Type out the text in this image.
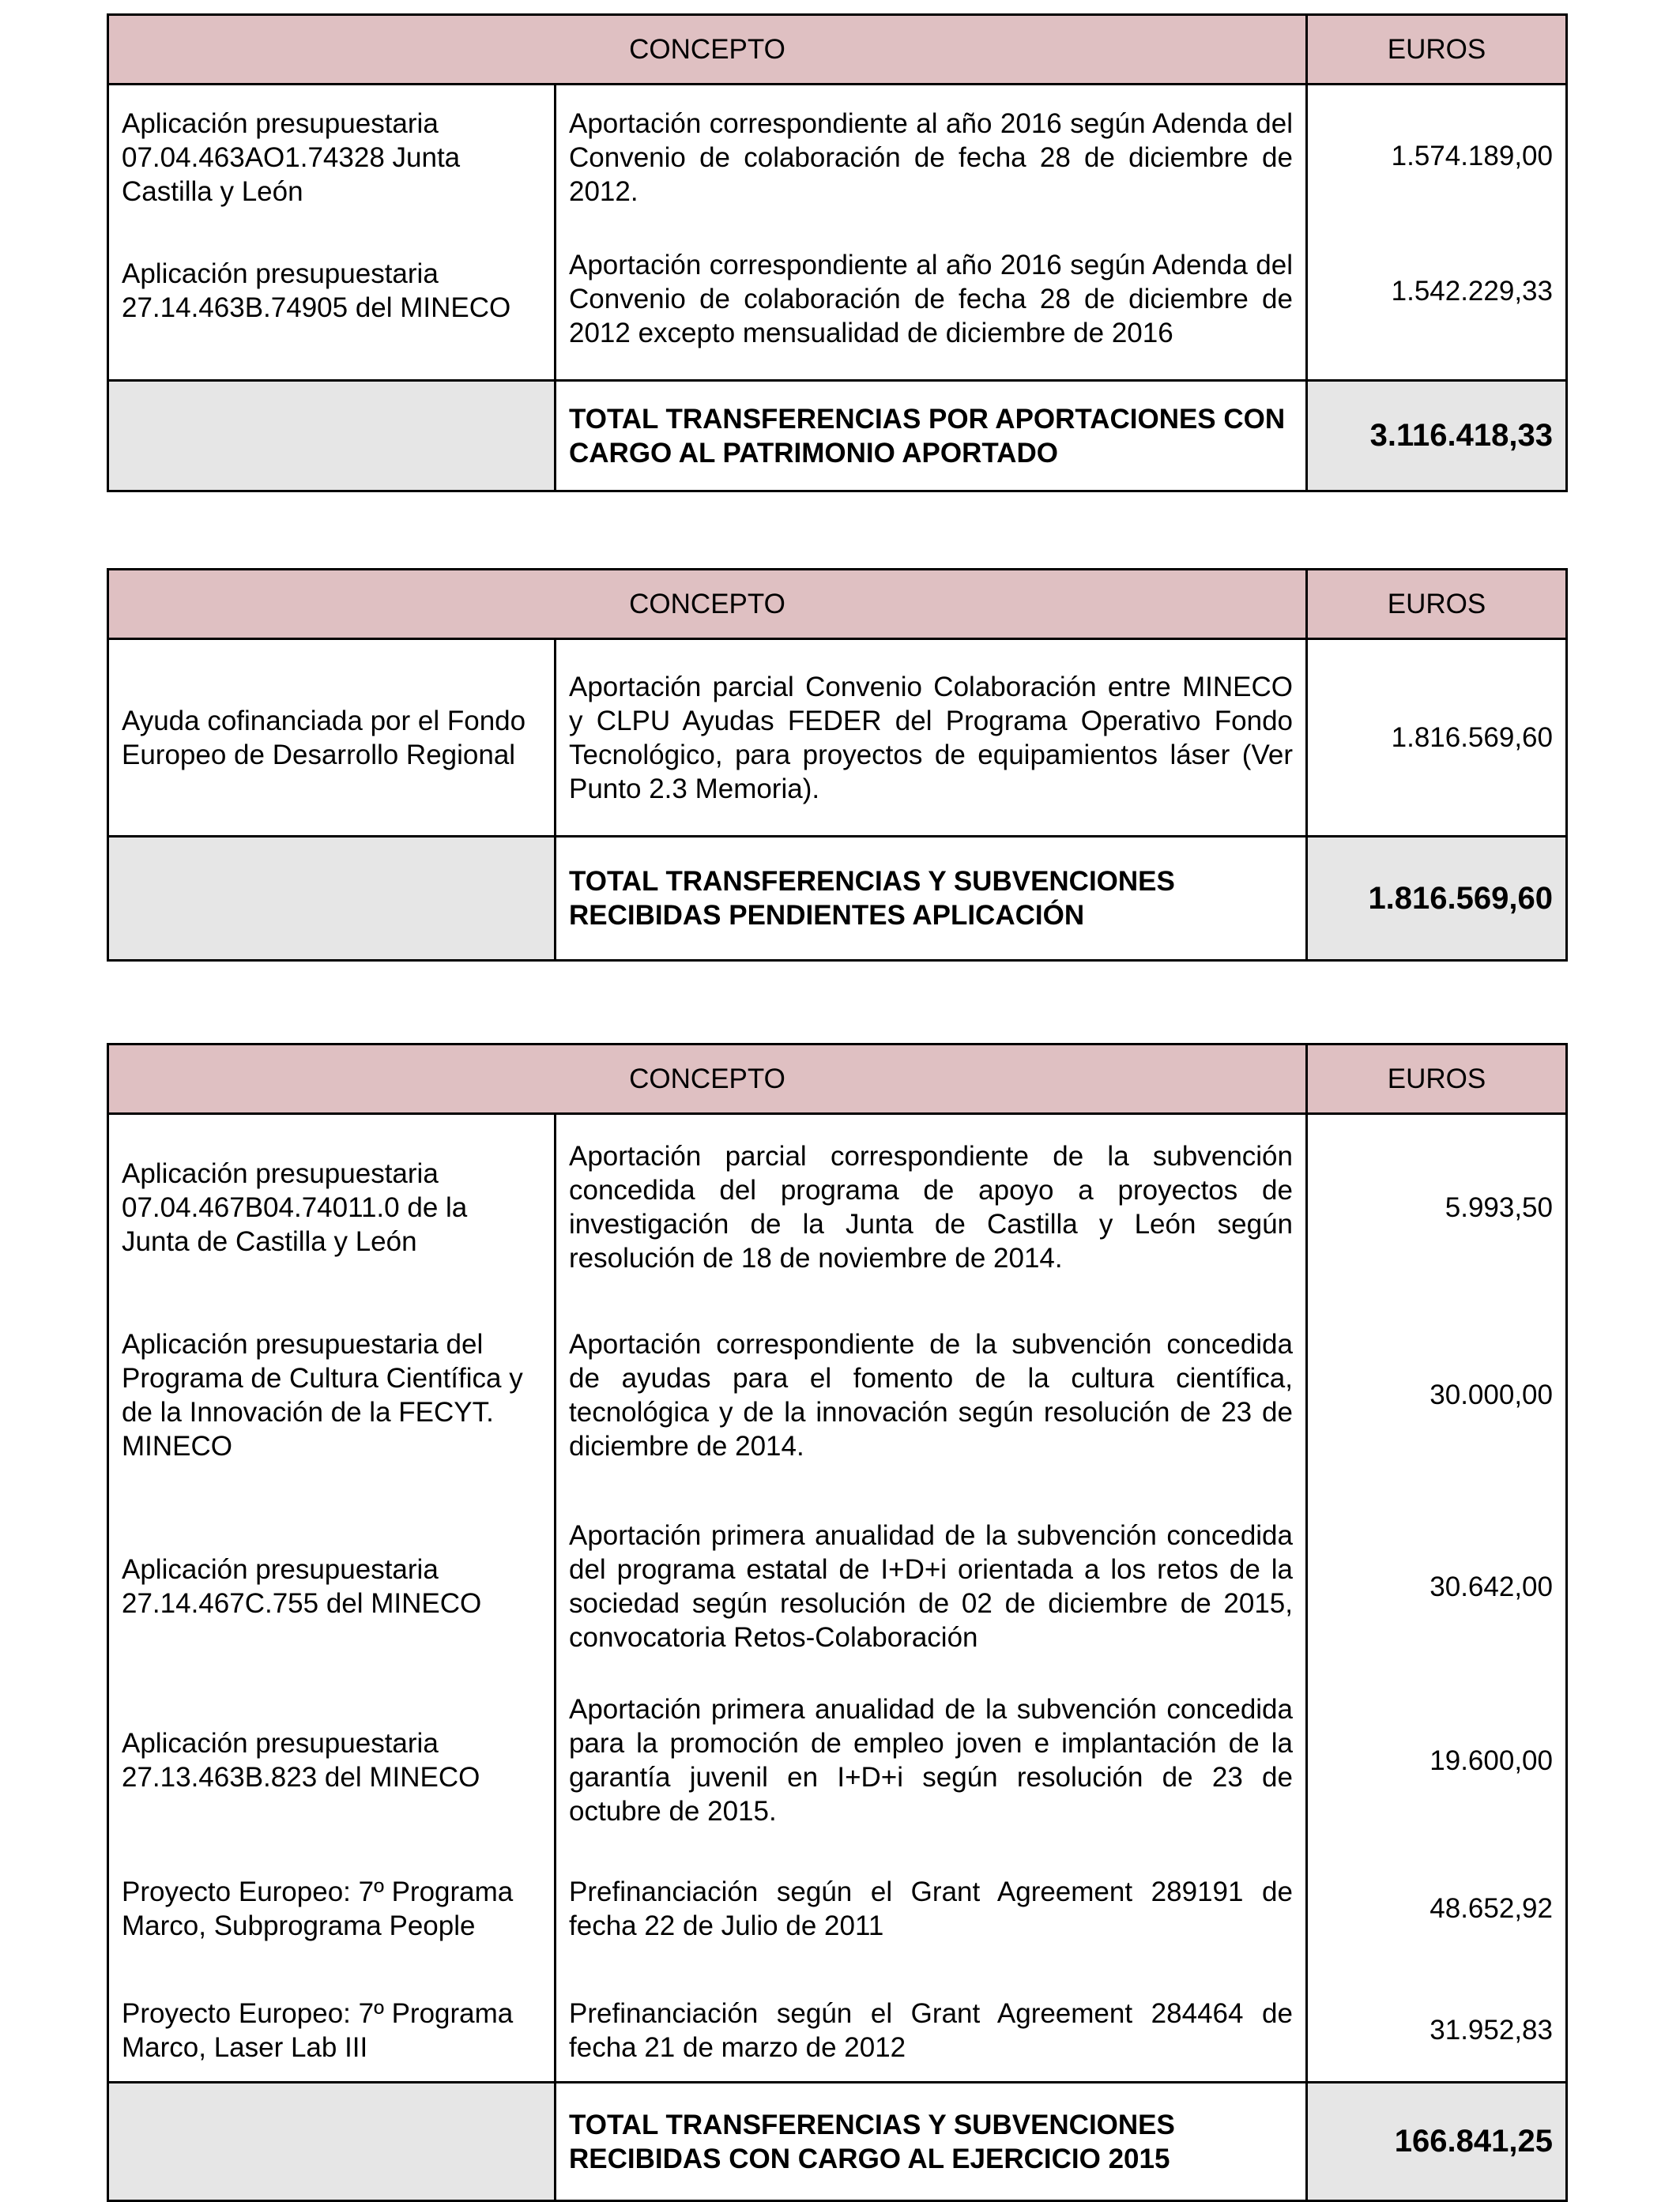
CONCEPTO		EUROS
Aplicación presupuestaria 07.04.463AO1.74328 Junta Castilla y León	Aportación correspondiente al año 2016 según Adenda del Convenio de colaboración de fecha 28 de diciembre de 2012.	1.574.189,00
Aplicación presupuestaria 27.14.463B.74905 del MINECO	Aportación correspondiente al año 2016 según Adenda del Convenio de colaboración de fecha 28 de diciembre de 2012 excepto mensualidad de diciembre de 2016	1.542.229,33
	TOTAL TRANSFERENCIAS POR APORTACIONES CON CARGO AL PATRIMONIO APORTADO	3.116.418,33
CONCEPTO		EUROS
Ayuda cofinanciada por el Fondo Europeo de Desarrollo Regional	Aportación parcial Convenio Colaboración entre MINECO y CLPU Ayudas FEDER del Programa Operativo Fondo Tecnológico, para proyectos de equipamientos láser (Ver Punto 2.3 Memoria).	1.816.569,60
	TOTAL TRANSFERENCIAS Y SUBVENCIONES RECIBIDAS PENDIENTES APLICACIÓN	1.816.569,60
CONCEPTO		EUROS
Aplicación presupuestaria 07.04.467B04.74011.0 de la Junta de Castilla y León	Aportación parcial correspondiente de la subvención concedida del programa de apoyo a proyectos de investigación de la Junta de Castilla y León según resolución de 18 de noviembre de 2014.	5.993,50
Aplicación presupuestaria del Programa de Cultura Científica y de la Innovación de la FECYT. MINECO	Aportación correspondiente de la subvención concedida de ayudas para el fomento de la cultura científica, tecnológica y de la innovación según resolución de 23 de diciembre de 2014.	30.000,00
Aplicación presupuestaria 27.14.467C.755 del MINECO	Aportación primera anualidad de la subvención concedida del programa estatal de I+D+i orientada a los retos de la sociedad según resolución de 02 de diciembre de 2015, convocatoria Retos-Colaboración	30.642,00
Aplicación presupuestaria 27.13.463B.823 del MINECO	Aportación primera anualidad de la subvención concedida para la promoción de empleo joven e implantación de la garantía juvenil en I+D+i según resolución de 23 de octubre de 2015.	19.600,00
Proyecto Europeo: 7º Programa Marco, Subprograma People	Prefinanciación según el Grant Agreement 289191 de fecha 22 de Julio de 2011	48.652,92
Proyecto Europeo: 7º Programa Marco, Laser Lab III	Prefinanciación según el Grant Agreement 284464 de fecha 21 de marzo de 2012	31.952,83
	TOTAL TRANSFERENCIAS Y SUBVENCIONES RECIBIDAS CON CARGO AL EJERCICIO 2015	166.841,25
